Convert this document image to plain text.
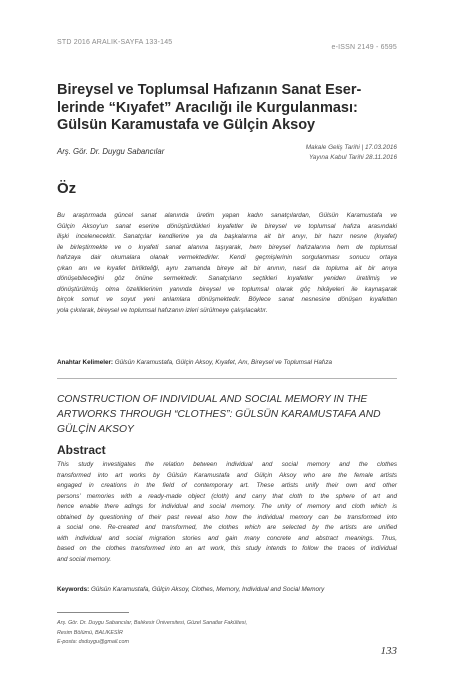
STD 2016 ARALIK-SAYFA 133-145
e-ISSN 2149 - 6595
Bireysel ve Toplumsal Hafızanın Sanat Eser-
lerinde “Kıyafet” Aracılığı ile Kurgulanması:
Gülsün Karamustafa ve Gülçin Aksoy
Arş. Gör. Dr. Duygu Sabancılar	Makale Geliş Tarihi | 17.03.2016
Yayına Kabul Tarihi 28.11.2016
Öz
Bu araştırmada güncel sanat alanında üretim yapan kadın sanatçılardan, Gülsün Karamustafa ve
Gülçin Aksoy’un sanat eserine dönüştürdükleri kıyafetler ile bireysel ve toplumsal hafıza arasındaki
ilişki incelenecektir. Sanatçılar kendilerine ya da başkalarına ait bir anıyı, bir hazır nesne (kıyafet)
ile birleştirmekte ve o kıyafeti sanat alanına taşıyarak, hem bireysel hafızalarına hem de toplumsal
hafızaya dair okumalara olanak vermektedirler. Kendi geçmişlerinin sorgulanması sonucu ortaya
çıkan anı ve kıyafet birlikteliği, aynı zamanda bireye ait bir anının, nasıl da topluma ait bir anıya
dönüşebileceğini göz önüne sermektedir. Sanatçıların seçtikleri kıyafetler yeniden üretilmiş ve
dönüştürülmüş olma özellikleriniın yanında bireysel ve toplumsal olarak göç hikâyeleri ile kaynaşarak
birçok somut ve soyut yeni anlamlara dönüşmektedir. Böylece sanat nesnesine dönüşen kıyafetten
yola çıkılarak, bireysel ve toplumsal hafızanın izleri sürülmeye çalışılacaktır.
Anahtar Kelimeler: Gülsün Karamustafa, Gülçin Aksoy, Kıyafet, Anı, Bireysel ve Toplumsal Hafıza
CONSTRUCTION OF INDIVIDUAL AND SOCIAL MEMORY IN THE
ARTWORKS THROUGH “CLOTHES”: GÜLSÜN KARAMUSTAFA AND
GÜLÇİN AKSOY
Abstract
This study investigates the relation between individual and social memory and the clothes
transformed into art works by Gülsün Karamustafa and Gülçin Aksoy who are the female artists
engaged in creations in the field of contemporary art. These artists unify their own and other
persons’ memories with a ready-made object (cloth) and carry that cloth to the sphere of art and
hence enable there adings for individual and social memory. The unity of memory and cloth which is
obtained by questioning of their past reveal also how the individual memory can be transformed into
a social one. Re-created and transformed, the clothes which are selected by the artists are unified
with individual and social migration stories and gain many concrete and abstract meanings. Thus,
based on the clothes transformed into an art work, this study intends to follow the traces of individual
and social memory.
Keywords: Gülsün Karamustafa, Gülçin Aksoy, Clothes, Memory, Individual and Social Memory
Arş. Gör. Dr. Duygu Sabancılar, Balıkesir Üniversitesi, Güzel Sanatlar Fakültesi,
Resim Bölümü, BALIKESİR
E-posta: dsduygu@gmail.com
133
